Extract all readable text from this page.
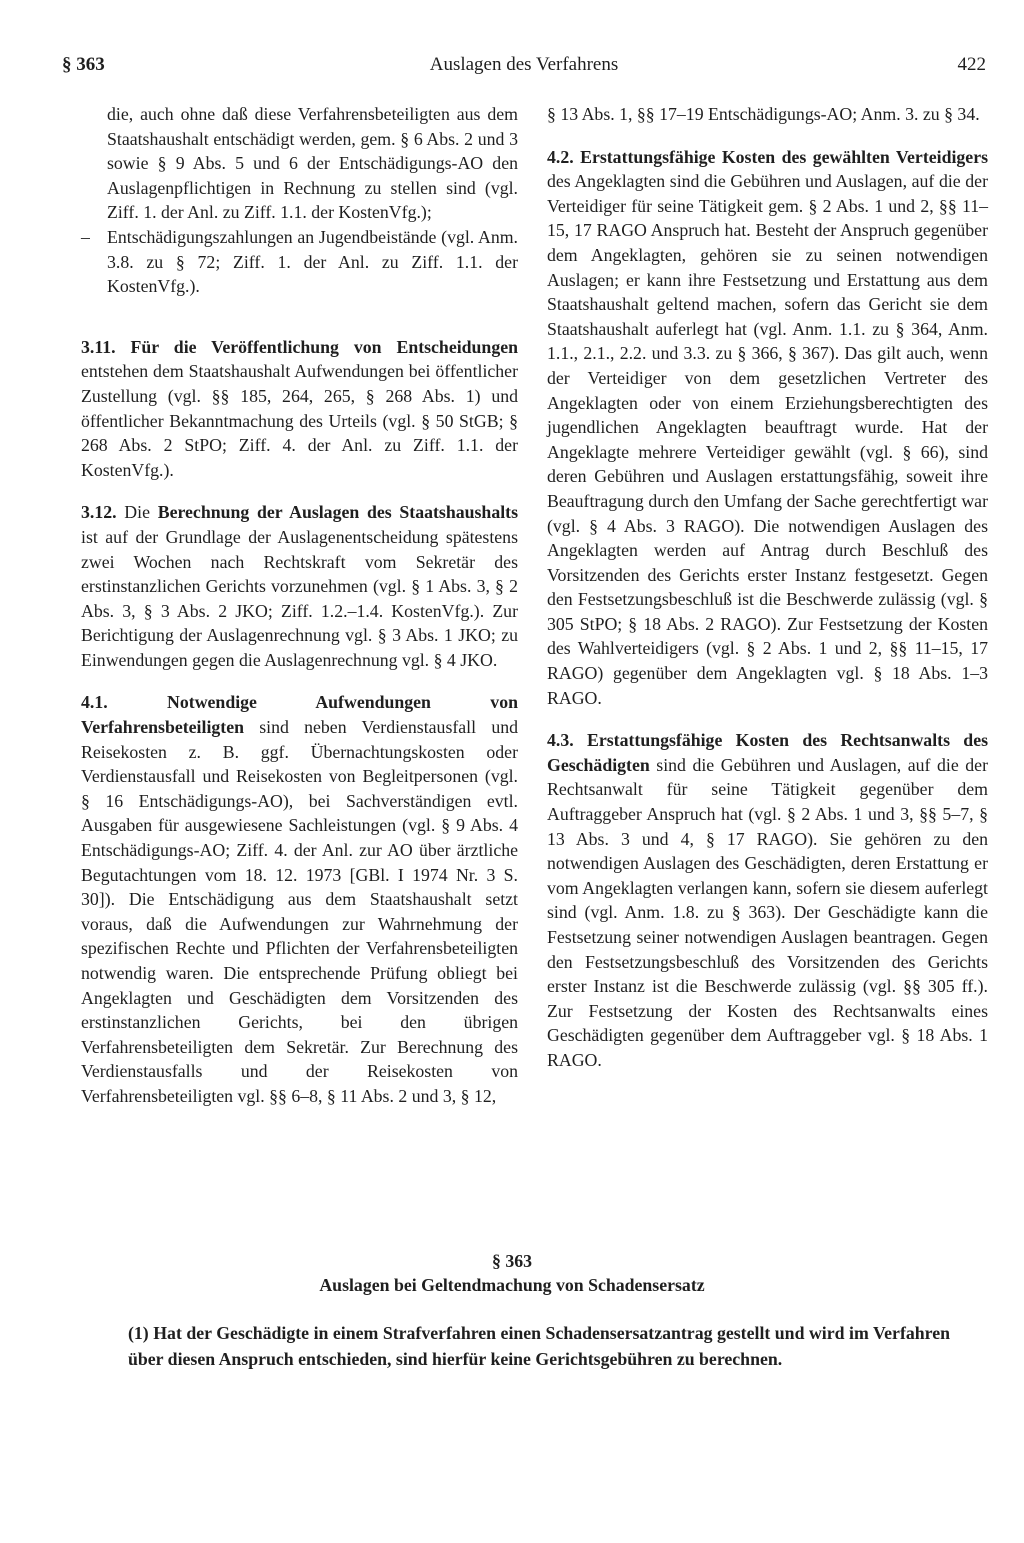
§ 363	Auslagen des Verfahrens	422

die, auch ohne daß diese Verfahrensbeteiligten aus dem Staatshaushalt entschädigt werden, gem. § 6 Abs. 2 und 3 sowie § 9 Abs. 5 und 6 der Entschädigungs-AO den Auslagenpflichtigen in Rechnung zu stellen sind (vgl. Ziff. 1. der Anl. zu Ziff. 1.1. der KostenVfg.);

– Entschädigungszahlungen an Jugendbeistände (vgl. Anm. 3.8. zu § 72; Ziff. 1. der Anl. zu Ziff. 1.1. der KostenVfg.).

3.11. Für die Veröffentlichung von Entscheidungen entstehen dem Staatshaushalt Aufwendungen bei öffentlicher Zustellung (vgl. §§ 185, 264, 265, § 268 Abs. 1) und öffentlicher Bekanntmachung des Urteils (vgl. § 50 StGB; § 268 Abs. 2 StPO; Ziff. 4. der Anl. zu Ziff. 1.1. der KostenVfg.).

3.12. Die Berechnung der Auslagen des Staatshaushalts ist auf der Grundlage der Auslagenentscheidung spätestens zwei Wochen nach Rechtskraft vom Sekretär des erstinstanzlichen Gerichts vorzunehmen (vgl. § 1 Abs. 3, § 2 Abs. 3, § 3 Abs. 2 JKO; Ziff. 1.2.–1.4. KostenVfg.). Zur Berichtigung der Auslagenrechnung vgl. § 3 Abs. 1 JKO; zu Einwendungen gegen die Auslagenrechnung vgl. § 4 JKO.

4.1.	Notwendige Aufwendungen von Verfahrensbeteiligten sind neben Verdienstausfall und Reisekosten z. B. ggf. Übernachtungskosten oder Verdienstausfall und Reisekosten von Begleitpersonen (vgl. § 16 Entschädigungs-AO), bei Sachverständigen evtl. Ausgaben für ausgewiesene Sachleistungen (vgl. § 9 Abs. 4 Entschädigungs-AO; Ziff. 4. der Anl. zur AO über ärztliche Begutachtungen vom 18. 12. 1973 [GBl. I 1974 Nr. 3 S. 30]). Die Entschädigung aus dem Staatshaushalt setzt voraus, daß die Aufwendungen zur Wahrnehmung der spezifischen Rechte und Pflichten der Verfahrensbeteiligten notwendig waren. Die entsprechende Prüfung obliegt bei Angeklagten und Geschädigten dem Vorsitzenden des erstinstanzlichen Gerichts, bei den übrigen Verfahrensbeteiligten dem Sekretär. Zur Berechnung des Verdienstausfalls und der Reisekosten von Verfahrensbeteiligten vgl. §§ 6–8, § 11 Abs. 2 und 3, § 12,

§ 13 Abs. 1, §§ 17–19 Entschädigungs-AO; Anm. 3. zu § 34.

4.2. Erstattungsfähige Kosten des gewählten Verteidigers des Angeklagten sind die Gebühren und Auslagen, auf die der Verteidiger für seine Tätigkeit gem. § 2 Abs. 1 und 2, §§ 11–15, 17 RAGO Anspruch hat. Besteht der Anspruch gegenüber dem Angeklagten, gehören sie zu seinen notwendigen Auslagen; er kann ihre Festsetzung und Erstattung aus dem Staatshaushalt geltend machen, sofern das Gericht sie dem Staatshaushalt auferlegt hat (vgl. Anm. 1.1. zu § 364, Anm. 1.1., 2.1., 2.2. und 3.3. zu § 366, § 367). Das gilt auch, wenn der Verteidiger von dem gesetzlichen Vertreter des Angeklagten oder von einem Erziehungsberechtigten des jugendlichen Angeklagten beauftragt wurde. Hat der Angeklagte mehrere Verteidiger gewählt (vgl. § 66), sind deren Gebühren und Auslagen erstattungsfähig, soweit ihre Beauftragung durch den Umfang der Sache gerechtfertigt war (vgl. § 4 Abs. 3 RAGO). Die notwendigen Auslagen des Angeklagten werden auf Antrag durch Beschluß des Vorsitzenden des Gerichts erster Instanz festgesetzt. Gegen den Festsetzungsbeschluß ist die Beschwerde zulässig (vgl. § 305 StPO; § 18 Abs. 2 RAGO). Zur Festsetzung der Kosten des Wahlverteidigers (vgl. § 2 Abs. 1 und 2, §§ 11–15, 17 RAGO) gegenüber dem Angeklagten vgl. § 18 Abs. 1–3 RAGO.

4.3. Erstattungsfähige Kosten des Rechtsanwalts des Geschädigten sind die Gebühren und Auslagen, auf die der Rechtsanwalt für seine Tätigkeit gegenüber dem Auftraggeber Anspruch hat (vgl. § 2 Abs. 1 und 3, §§ 5–7, § 13 Abs. 3 und 4, § 17 RAGO). Sie gehören zu den notwendigen Auslagen des Geschädigten, deren Erstattung er vom Angeklagten verlangen kann, sofern sie diesem auferlegt sind (vgl. Anm. 1.8. zu § 363). Der Geschädigte kann die Festsetzung seiner notwendigen Auslagen beantragen. Gegen den Festsetzungsbeschluß des Vorsitzenden des Gerichts erster Instanz ist die Beschwerde zulässig (vgl. §§ 305 ff.). Zur Festsetzung der Kosten des Rechtsanwalts eines Geschädigten gegenüber dem Auftraggeber vgl. § 18 Abs. 1 RAGO.

§ 363
Auslagen bei Geltendmachung von Schadensersatz
(1) Hat der Geschädigte in einem Strafverfahren einen Schadensersatzantrag gestellt und wird im Verfahren über diesen Anspruch entschieden, sind hierfür keine Gerichtsgebühren zu berechnen.
